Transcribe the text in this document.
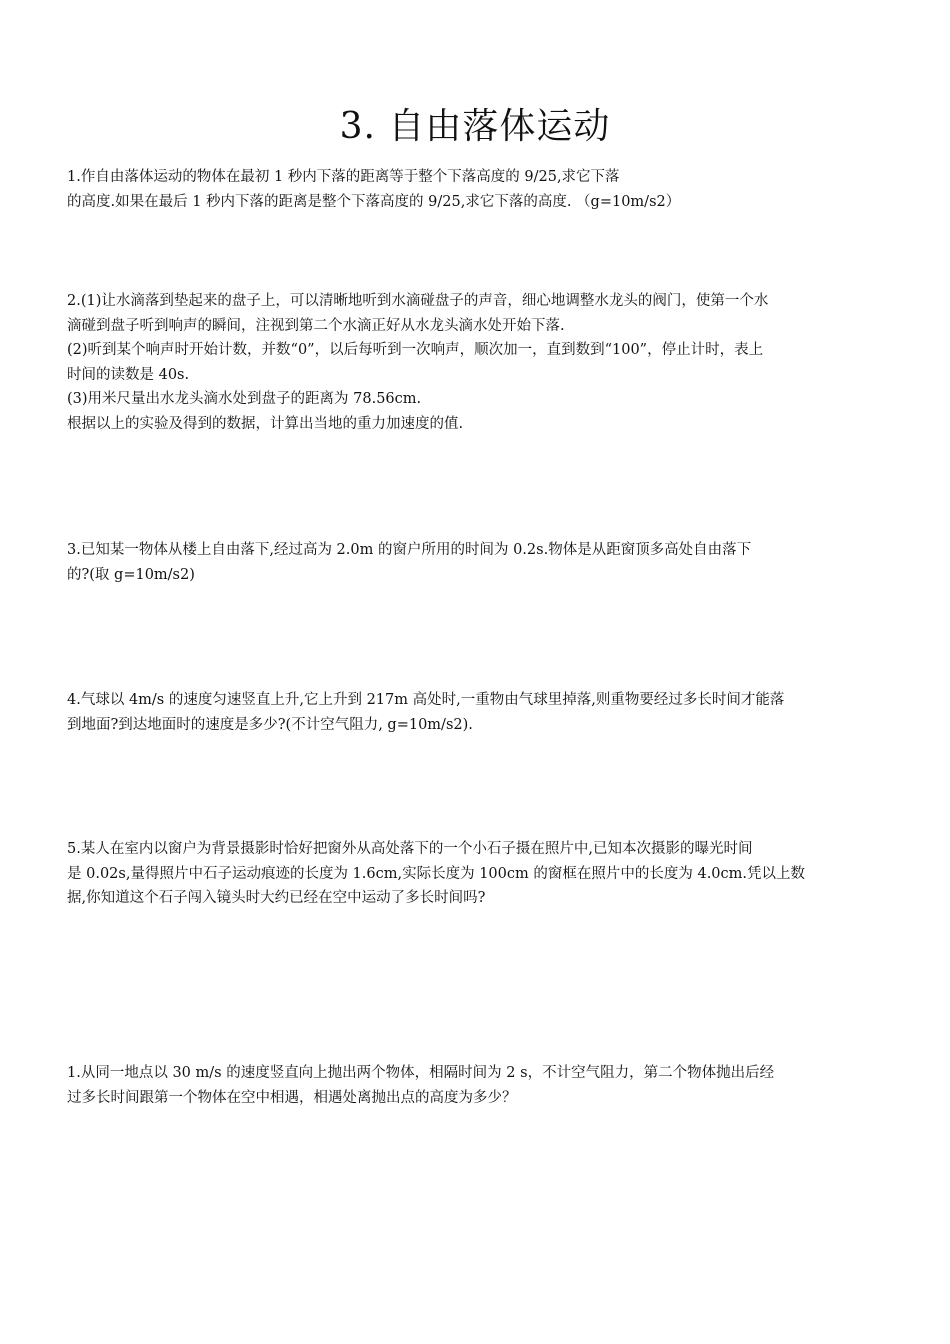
3. 自由落体运动
1.作自由落体运动的物体在最初 1 秒内下落的距离等于整个下落高度的 9/25,求它下落
的高度.如果在最后 1 秒内下落的距离是整个下落高度的 9/25,求它下落的高度. （g=10m/s2）
2.(1)让水滴落到垫起来的盘子上，可以清晰地听到水滴碰盘子的声音，细心地调整水龙头的阀门，使第一个水
滴碰到盘子听到响声的瞬间，注视到第二个水滴正好从水龙头滴水处开始下落.
(2)听到某个响声时开始计数，并数“0”，以后每听到一次响声，顺次加一，直到数到“100”，停止计时，表上
时间的读数是 40s.
(3)用米尺量出水龙头滴水处到盘子的距离为 78.56cm.
根据以上的实验及得到的数据，计算出当地的重力加速度的值.
3.已知某一物体从楼上自由落下,经过高为 2.0m 的窗户所用的时间为 0.2s.物体是从距窗顶多高处自由落下
的?(取 g=10m/s2)
4.气球以 4m/s 的速度匀速竖直上升,它上升到 217m 高处时,一重物由气球里掉落,则重物要经过多长时间才能落
到地面?到达地面时的速度是多少?(不计空气阻力, g=10m/s2).
5.某人在室内以窗户为背景摄影时恰好把窗外从高处落下的一个小石子摄在照片中,已知本次摄影的曝光时间
是 0.02s,量得照片中石子运动痕迹的长度为 1.6cm,实际长度为 100cm 的窗框在照片中的长度为 4.0cm.凭以上数
据,你知道这个石子闯入镜头时大约已经在空中运动了多长时间吗?
1.从同一地点以 30 m/s 的速度竖直向上抛出两个物体，相隔时间为 2 s，不计空气阻力，第二个物体抛出后经
过多长时间跟第一个物体在空中相遇，相遇处离抛出点的高度为多少？
